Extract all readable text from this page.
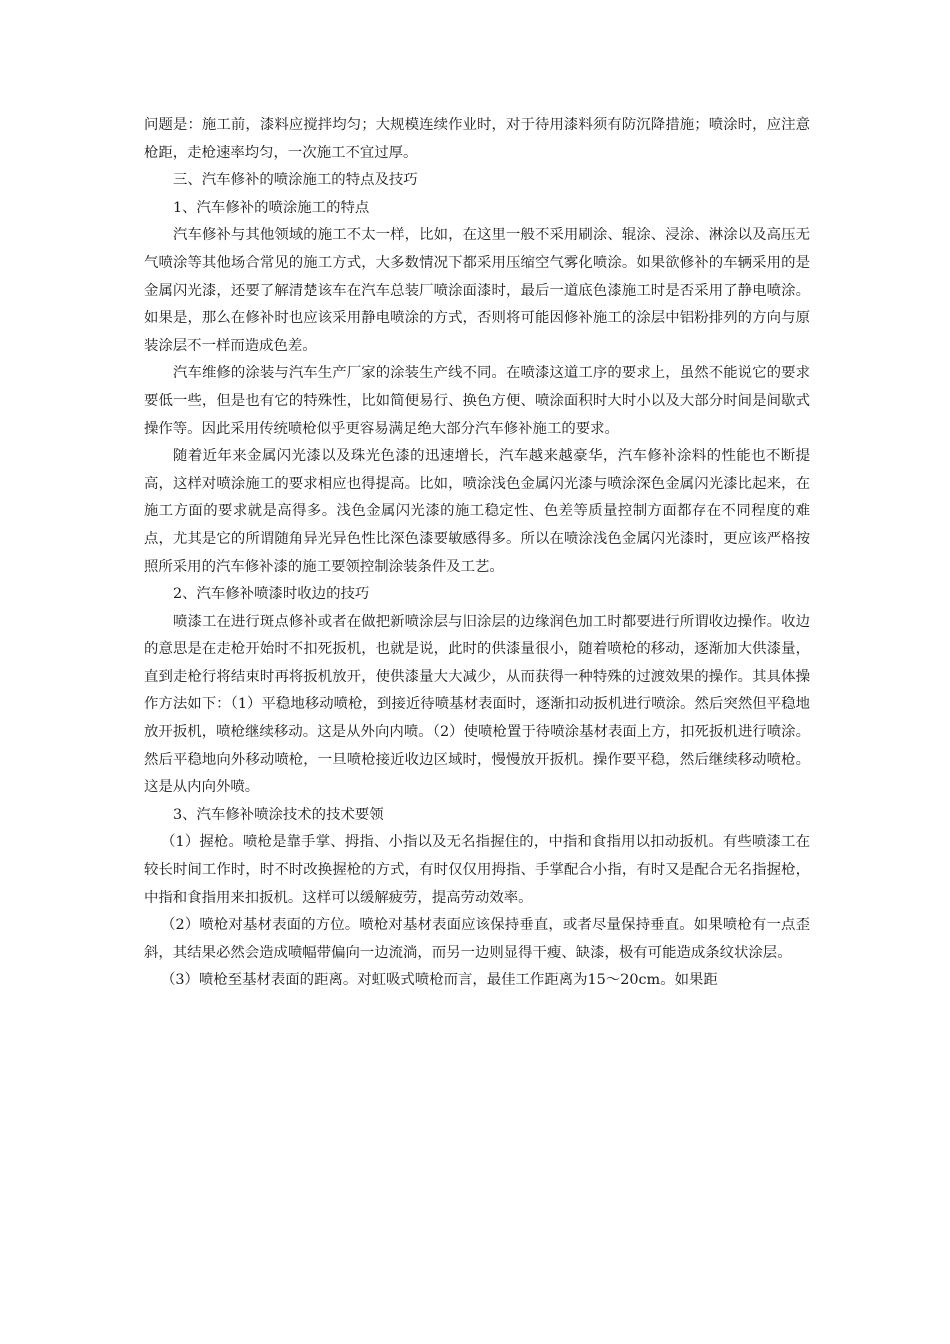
问题是：施工前，漆料应搅拌均匀；大规模连续作业时，对于待用漆料须有防沉降措施；喷涂时，应注意枪距，走枪速率均匀，一次施工不宜过厚。

三、汽车修补的喷涂施工的特点及技巧

1、汽车修补的喷涂施工的特点

汽车修补与其他领域的施工不太一样，比如，在这里一般不采用刷涂、辊涂、浸涂、淋涂以及高压无气喷涂等其他场合常见的施工方式，大多数情况下都采用压缩空气雾化喷涂。如果欲修补的车辆采用的是金属闪光漆，还要了解清楚该车在汽车总装厂喷涂面漆时，最后一道底色漆施工时是否采用了静电喷涂。如果是，那么在修补时也应该采用静电喷涂的方式，否则将可能因修补施工的涂层中铝粉排列的方向与原装涂层不一样而造成色差。

汽车维修的涂装与汽车生产厂家的涂装生产线不同。在喷漆这道工序的要求上，虽然不能说它的要求要低一些，但是也有它的特殊性，比如简便易行、换色方便、喷涂面积时大时小以及大部分时间是间歇式操作等。因此采用传统喷枪似乎更容易满足绝大部分汽车修补施工的要求。

随着近年来金属闪光漆以及珠光色漆的迅速增长，汽车越来越豪华，汽车修补涂料的性能也不断提高，这样对喷涂施工的要求相应也得提高。比如，喷涂浅色金属闪光漆与喷涂深色金属闪光漆比起来，在施工方面的要求就是高得多。浅色金属闪光漆的施工稳定性、色差等质量控制方面都存在不同程度的难点，尤其是它的所谓随角异光异色性比深色漆要敏感得多。所以在喷涂浅色金属闪光漆时，更应该严格按照所采用的汽车修补漆的施工要领控制涂装条件及工艺。

2、汽车修补喷漆时收边的技巧

喷漆工在进行斑点修补或者在做把新喷涂层与旧涂层的边缘润色加工时都要进行所谓收边操作。收边的意思是在走枪开始时不扣死扳机，也就是说，此时的供漆量很小，随着喷枪的移动，逐渐加大供漆量，直到走枪行将结束时再将扳机放开，使供漆量大大减少，从而获得一种特殊的过渡效果的操作。其具体操作方法如下：（1）平稳地移动喷枪，到接近待喷基材表面时，逐渐扣动扳机进行喷涂。然后突然但平稳地放开扳机，喷枪继续移动。这是从外向内喷。（2）使喷枪置于待喷涂基材表面上方，扣死扳机进行喷涂。然后平稳地向外移动喷枪，一旦喷枪接近收边区域时，慢慢放开扳机。操作要平稳，然后继续移动喷枪。这是从内向外喷。

3、汽车修补喷涂技术的技术要领

（1）握枪。喷枪是靠手掌、拇指、小指以及无名指握住的，中指和食指用以扣动扳机。有些喷漆工在较长时间工作时，时不时改换握枪的方式，有时仅仅用拇指、手掌配合小指，有时又是配合无名指握枪，中指和食指用来扣扳机。这样可以缓解疲劳，提高劳动效率。

（2）喷枪对基材表面的方位。喷枪对基材表面应该保持垂直，或者尽量保持垂直。如果喷枪有一点歪斜，其结果必然会造成喷幅带偏向一边流淌，而另一边则显得干瘦、缺漆，极有可能造成条纹状涂层。

（3）喷枪至基材表面的距离。对虹吸式喷枪而言，最佳工作距离为15～20cm。如果距
